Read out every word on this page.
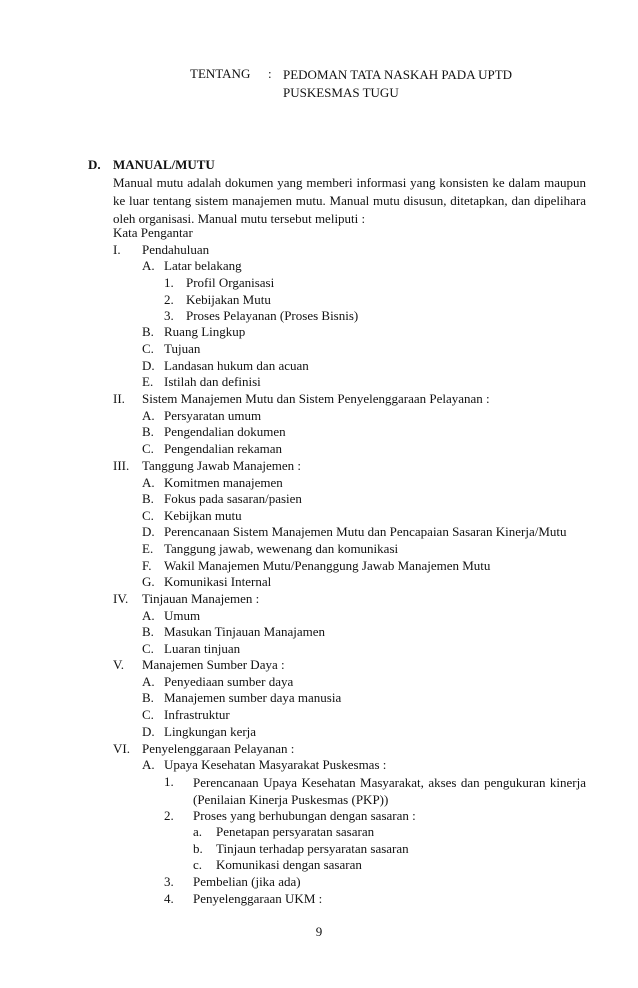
TENTANG : PEDOMAN TATA NASKAH PADA UPTD PUSKESMAS TUGU
D. MANUAL/MUTU
Manual mutu adalah dokumen yang memberi informasi yang konsisten ke dalam maupun ke luar tentang sistem manajemen mutu. Manual mutu disusun, ditetapkan, dan dipelihara oleh organisasi. Manual mutu tersebut meliputi :
Kata Pengantar
I. Pendahuluan
A. Latar belakang
1. Profil Organisasi
2. Kebijakan Mutu
3. Proses Pelayanan (Proses Bisnis)
B. Ruang Lingkup
C. Tujuan
D. Landasan hukum dan acuan
E. Istilah dan definisi
II. Sistem Manajemen Mutu dan Sistem Penyelenggaraan Pelayanan :
A. Persyaratan umum
B. Pengendalian dokumen
C. Pengendalian rekaman
III. Tanggung Jawab Manajemen :
A. Komitmen manajemen
B. Fokus pada sasaran/pasien
C. Kebijkan mutu
D. Perencanaan Sistem Manajemen Mutu dan Pencapaian Sasaran Kinerja/Mutu
E. Tanggung jawab, wewenang dan komunikasi
F. Wakil Manajemen Mutu/Penanggung Jawab Manajemen Mutu
G. Komunikasi Internal
IV. Tinjauan Manajemen :
A. Umum
B. Masukan Tinjauan Manajamen
C. Luaran tinjuan
V. Manajemen Sumber Daya :
A. Penyediaan sumber daya
B. Manajemen sumber daya manusia
C. Infrastruktur
D. Lingkungan kerja
VI. Penyelenggaraan Pelayanan :
A. Upaya Kesehatan Masyarakat Puskesmas :
1. Perencanaan Upaya Kesehatan Masyarakat, akses dan pengukuran kinerja (Penilaian Kinerja Puskesmas (PKP))
2. Proses yang berhubungan dengan sasaran :
a. Penetapan persyaratan sasaran
b. Tinjaun terhadap persyaratan sasaran
c. Komunikasi dengan sasaran
3. Pembelian (jika ada)
4. Penyelenggaraan UKM :
9
